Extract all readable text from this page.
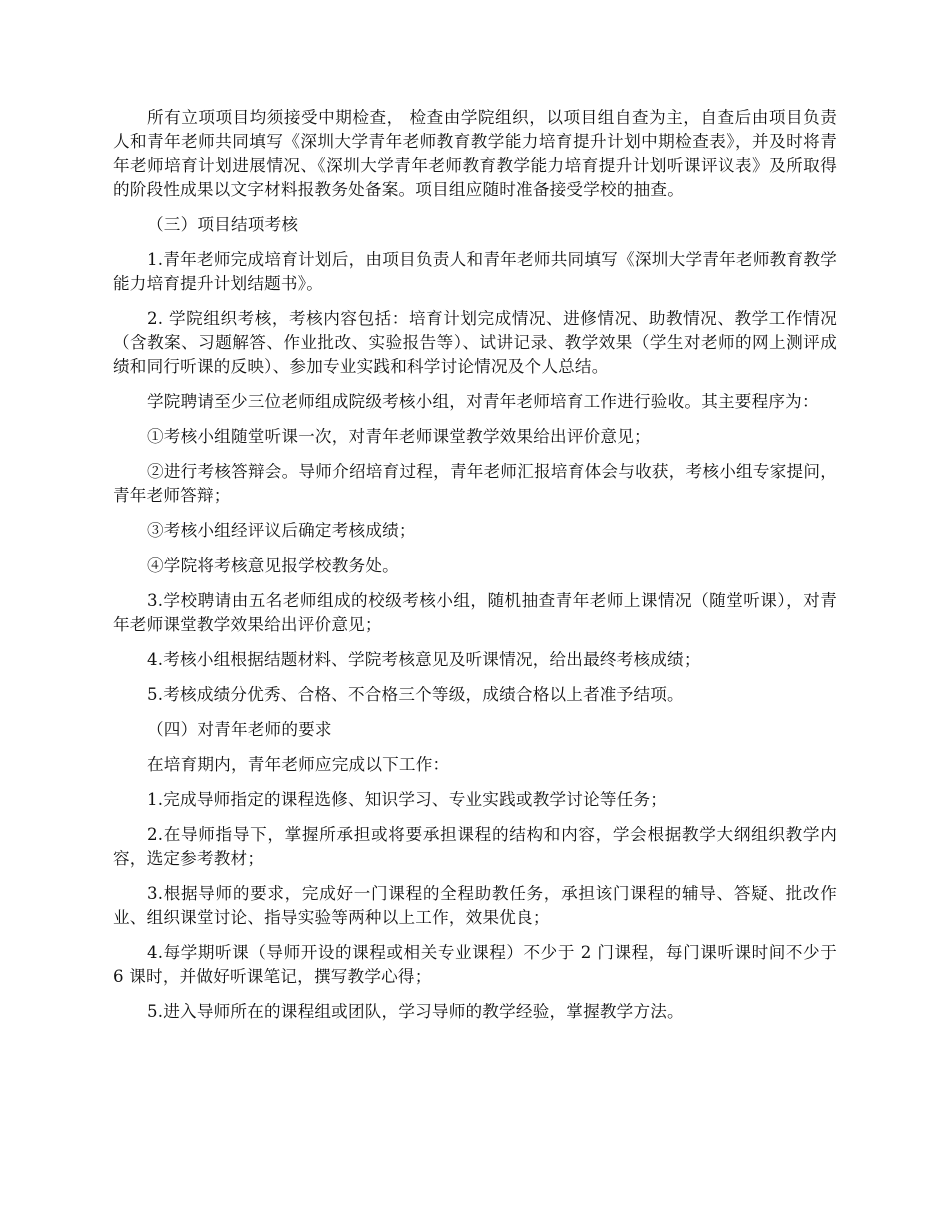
所有立项项目均须接受中期检查， 检查由学院组织，以项目组自查为主，自查后由项目负责人和青年老师共同填写《深圳大学青年老师教育教学能力培育提升计划中期检查表》，并及时将青年老师培育计划进展情况、《深圳大学青年老师教育教学能力培育提升计划听课评议表》及所取得的阶段性成果以文字材料报教务处备案。项目组应随时准备接受学校的抽查。

（三）项目结项考核

1.青年老师完成培育计划后，由项目负责人和青年老师共同填写《深圳大学青年老师教育教学能力培育提升计划结题书》。

2. 学院组织考核，考核内容包括：培育计划完成情况、进修情况、助教情况、教学工作情况（含教案、习题解答、作业批改、实验报告等）、试讲记录、教学效果（学生对老师的网上测评成绩和同行听课的反映）、参加专业实践和科学讨论情况及个人总结。

学院聘请至少三位老师组成院级考核小组，对青年老师培育工作进行验收。其主要程序为：

①考核小组随堂听课一次，对青年老师课堂教学效果给出评价意见；

②进行考核答辩会。导师介绍培育过程，青年老师汇报培育体会与收获，考核小组专家提问，青年老师答辩；

③考核小组经评议后确定考核成绩；

④学院将考核意见报学校教务处。

3.学校聘请由五名老师组成的校级考核小组，随机抽查青年老师上课情况（随堂听课），对青年老师课堂教学效果给出评价意见；

4.考核小组根据结题材料、学院考核意见及听课情况，给出最终考核成绩；

5.考核成绩分优秀、合格、不合格三个等级，成绩合格以上者准予结项。

（四）对青年老师的要求

在培育期内，青年老师应完成以下工作：

1.完成导师指定的课程选修、知识学习、专业实践或教学讨论等任务；

2.在导师指导下，掌握所承担或将要承担课程的结构和内容，学会根据教学大纲组织教学内容，选定参考教材；

3.根据导师的要求，完成好一门课程的全程助教任务，承担该门课程的辅导、答疑、批改作业、组织课堂讨论、指导实验等两种以上工作，效果优良；

4.每学期听课（导师开设的课程或相关专业课程）不少于 2 门课程，每门课听课时间不少于 6 课时，并做好听课笔记，撰写教学心得；

5.进入导师所在的课程组或团队，学习导师的教学经验，掌握教学方法。
